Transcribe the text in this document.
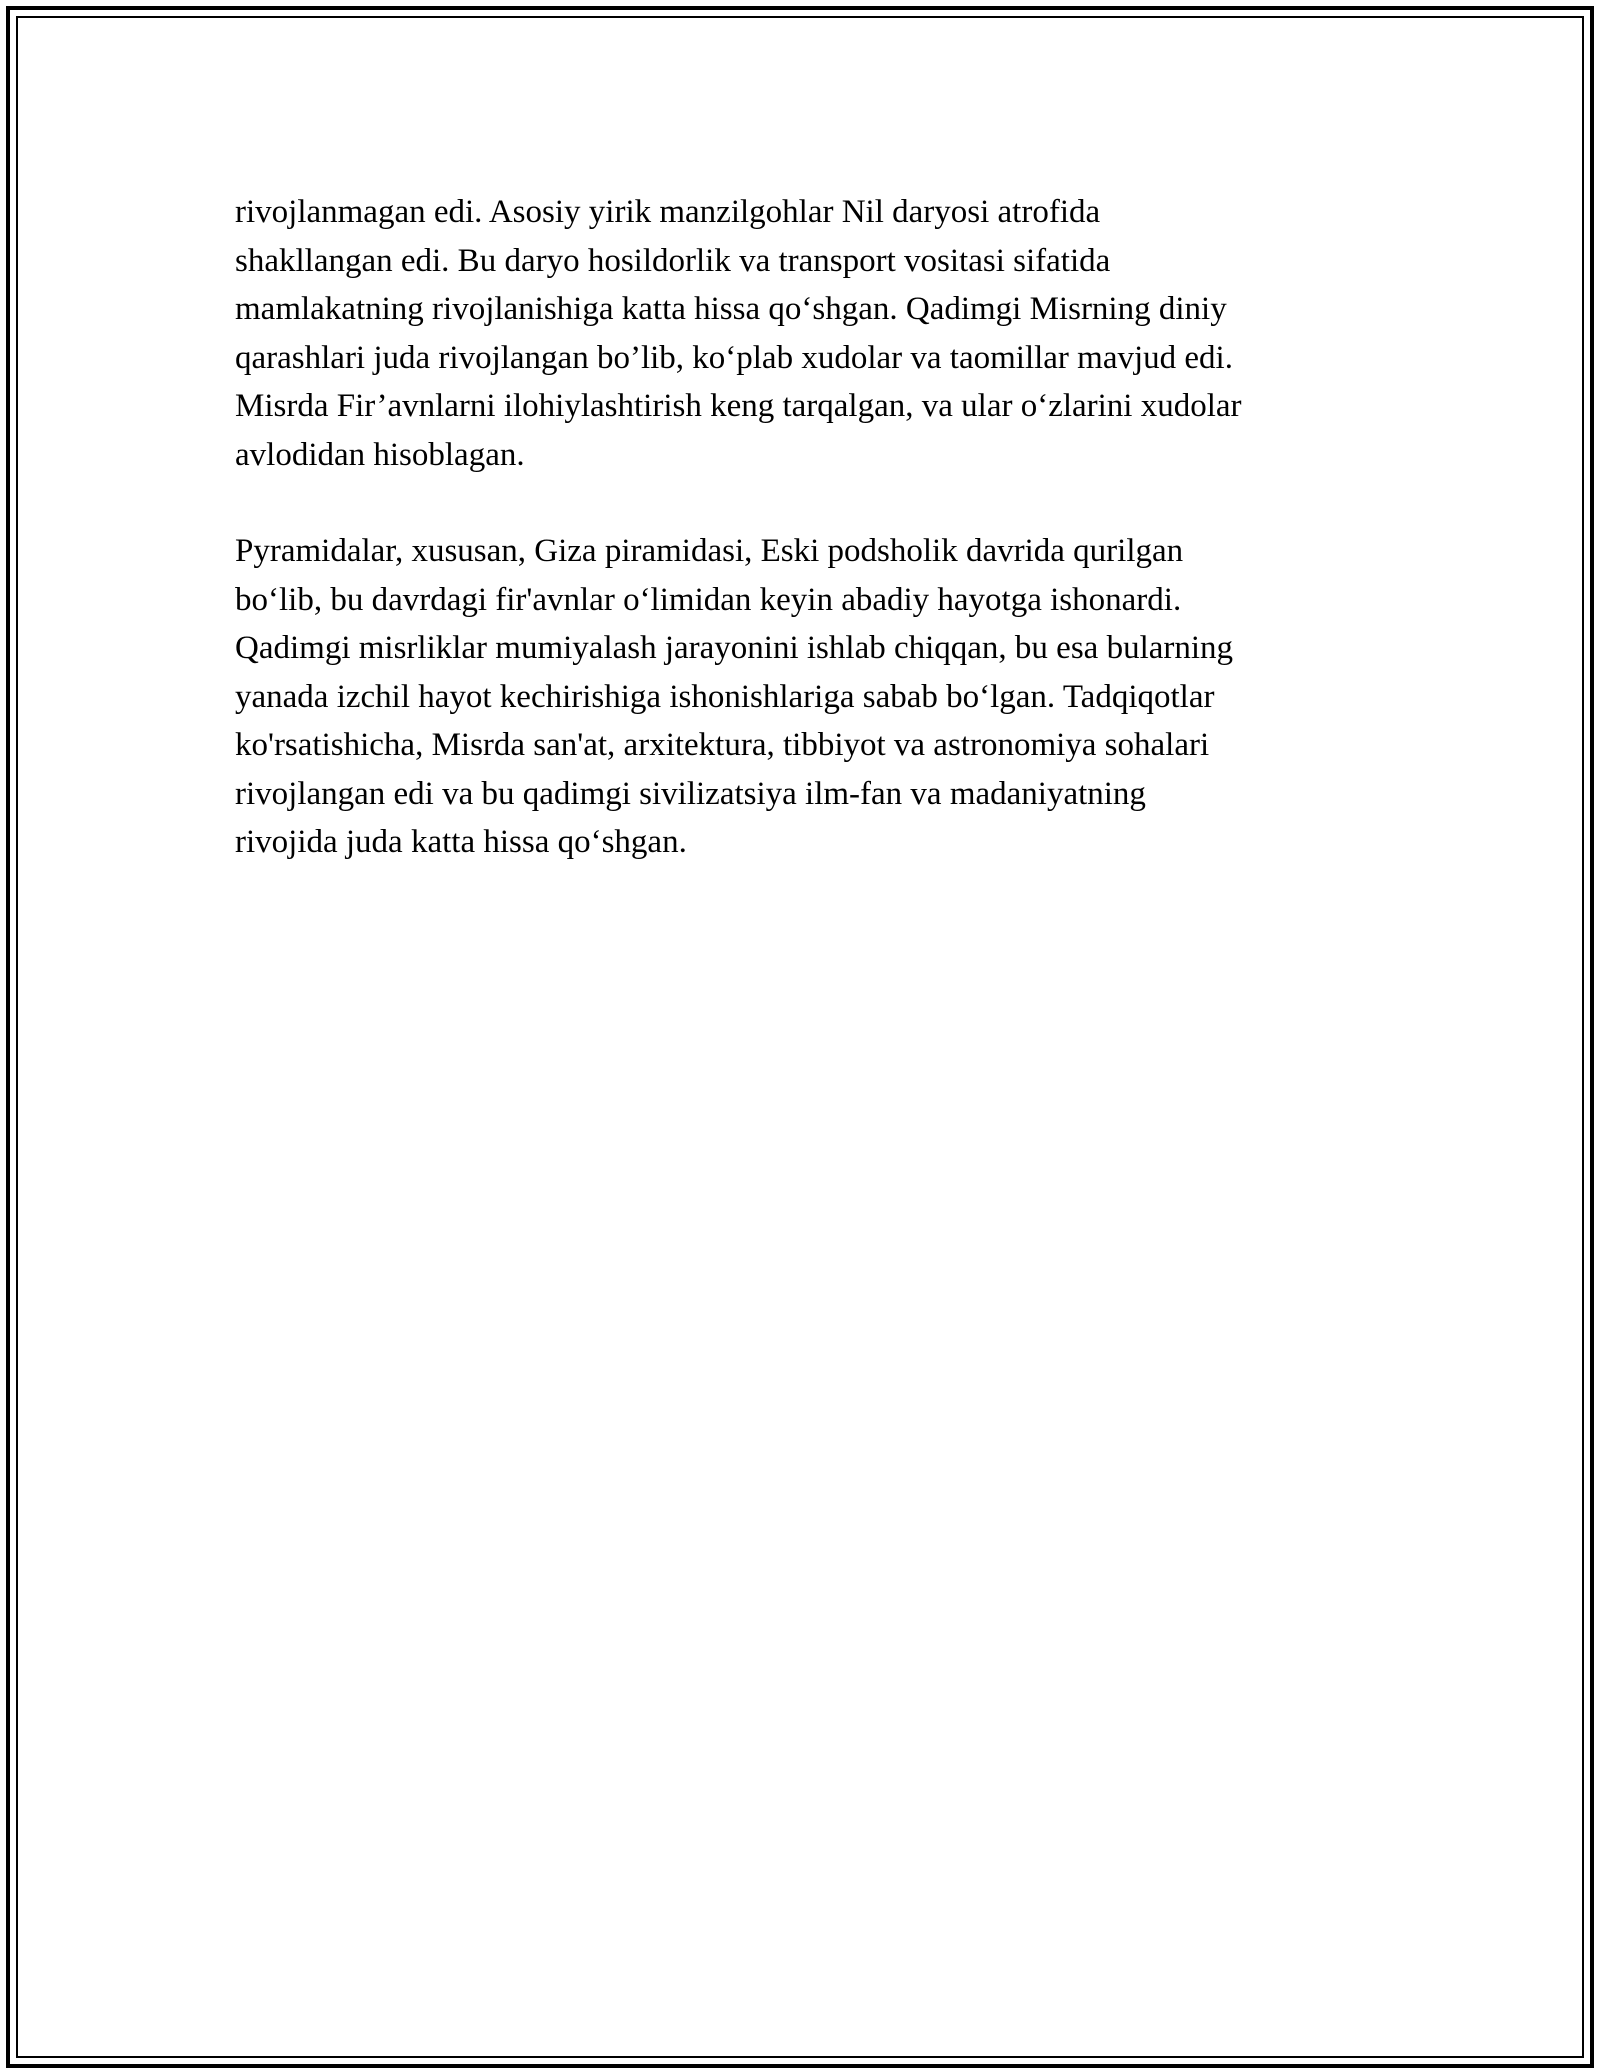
rivojlanmagan edi. Asosiy yirik manzilgohlar Nil daryosi atrofida
shakllangan edi. Bu daryo hosildorlik va transport vositasi sifatida
mamlakatning rivojlanishiga katta hissa qo‘shgan. Qadimgi Misrning diniy
qarashlari juda rivojlangan bo’lib, ko‘plab xudolar va taomillar mavjud edi.
Misrda Fir’avnlarni ilohiylashtirish keng tarqalgan, va ular o‘zlarini xudolar
avlodidan hisoblagan.

Pyramidalar, xususan, Giza piramidasi, Eski podsholik davrida qurilgan
bo‘lib, bu davrdagi fir'avnlar o‘limidan keyin abadiy hayotga ishonardi.
Qadimgi misrliklar mumiyalash jarayonini ishlab chiqqan, bu esa bularning
yanada izchil hayot kechirishiga ishonishlariga sabab bo‘lgan. Tadqiqotlar
ko'rsatishicha, Misrda san'at, arxitektura, tibbiyot va astronomiya sohalari
rivojlangan edi va bu qadimgi sivilizatsiya ilm-fan va madaniyatning
rivojida juda katta hissa qo‘shgan.
